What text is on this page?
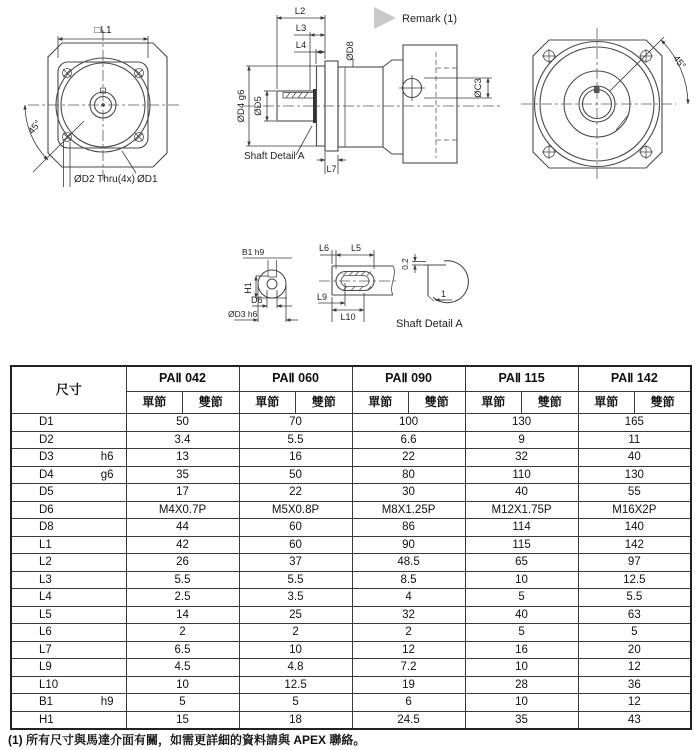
□L1
45°
ØD2 Thru(4x) ØD1
ØD5
ØD4 g6
ØD8
L2
L3
L4
L7
ØC3
Remark (1)
Shaft Detail A
45°
B1 h9
H1
D6
ØD3 h6
L6 L5
L9
L10
0.2
1
Shaft Detail A
尺寸	PAⅡ 042		PAⅡ 060		PAⅡ 090		PAⅡ 115		PAⅡ 142	
	單節	雙節	單節	雙節	單節	雙節	單節	雙節	單節	雙節
D1	50		70		100		130		165	
D2	3.4		5.5		6.6		9		11	
D3 h6	13		16		22		32		40	
D4 g6	35		50		80		110		130	
D5	17		22		30		40		55	
D6	M4X0.7P		M5X0.8P		M8X1.25P		M12X1.75P		M16X2P	
D8	44		60		86		114		140	
L1	42		60		90		115		142	
L2	26		37		48.5		65		97	
L3	5.5		5.5		8.5		10		12.5	
L4	2.5		3.5		4		5		5.5	
L5	14		25		32		40		63	
L6	2		2		2		5		5	
L7	6.5		10		12		16		20	
L9	4.5		4.8		7.2		10		12	
L10	10		12.5		19		28		36	
B1 h9	5		5		6		10		12	
H1	15		18		24.5		35		43	
(1) 所有尺寸與馬達介面有關，如需更詳細的資料請與 APEX 聯絡。
